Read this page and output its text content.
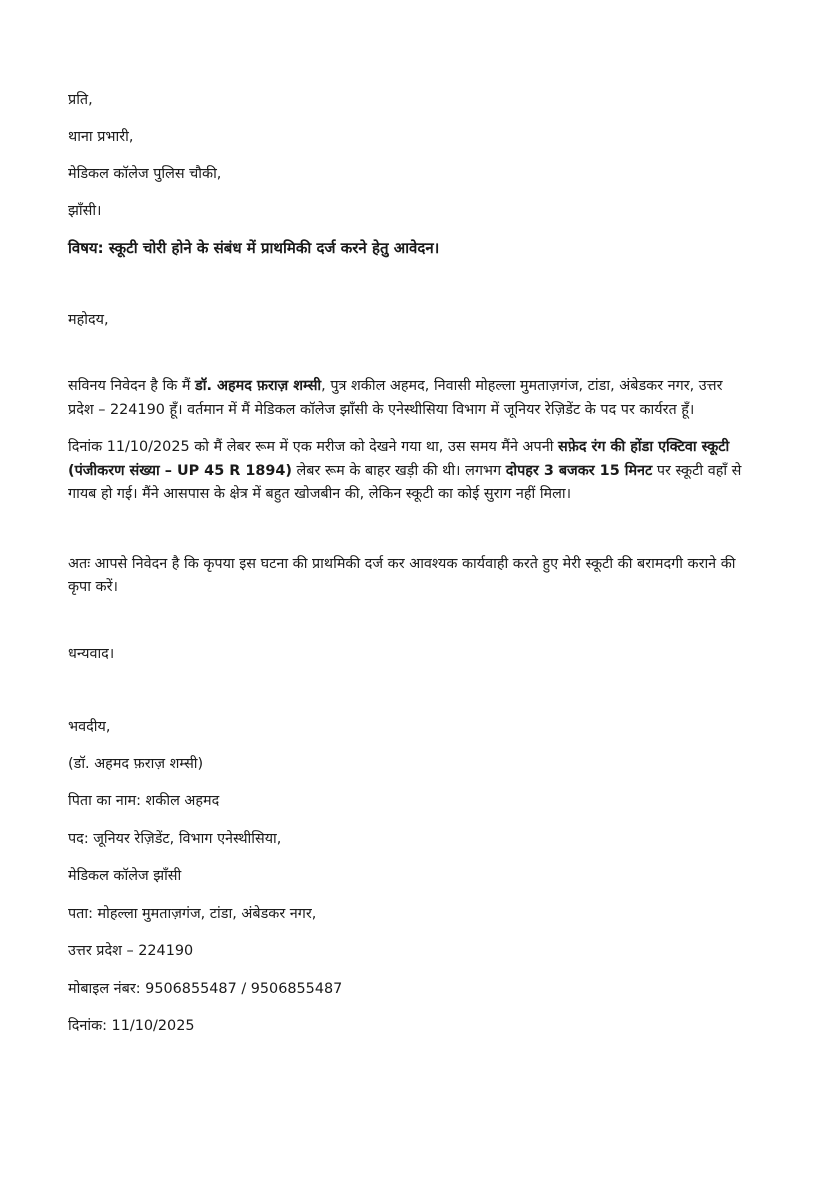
प्रति,

थाना प्रभारी,

मेडिकल कॉलेज पुलिस चौकी,

झाँसी।

विषय: स्कूटी चोरी होने के संबंध में प्राथमिकी दर्ज करने हेतु आवेदन।

महोदय,

सविनय निवेदन है कि मैं डॉ. अहमद फ़राज़ शम्सी, पुत्र शकील अहमद, निवासी मोहल्ला मुमताज़गंज, टांडा, अंबेडकर नगर, उत्तर प्रदेश – 224190 हूँ। वर्तमान में मैं मेडिकल कॉलेज झाँसी के एनेस्थीसिया विभाग में जूनियर रेज़िडेंट के पद पर कार्यरत हूँ।

दिनांक 11/10/2025 को मैं लेबर रूम में एक मरीज को देखने गया था, उस समय मैंने अपनी सफ़ेद रंग की होंडा एक्टिवा स्कूटी (पंजीकरण संख्या – UP 45 R 1894) लेबर रूम के बाहर खड़ी की थी। लगभग दोपहर 3 बजकर 15 मिनट पर स्कूटी वहाँ से गायब हो गई। मैंने आसपास के क्षेत्र में बहुत खोजबीन की, लेकिन स्कूटी का कोई सुराग नहीं मिला।

अतः आपसे निवेदन है कि कृपया इस घटना की प्राथमिकी दर्ज कर आवश्यक कार्यवाही करते हुए मेरी स्कूटी की बरामदगी कराने की कृपा करें।

धन्यवाद।

भवदीय,

(डॉ. अहमद फ़राज़ शम्सी)

पिता का नाम: शकील अहमद

पद: जूनियर रेज़िडेंट, विभाग एनेस्थीसिया,

मेडिकल कॉलेज झाँसी

पता: मोहल्ला मुमताज़गंज, टांडा, अंबेडकर नगर,

उत्तर प्रदेश – 224190

मोबाइल नंबर: 9506855487 / 9506855487

दिनांक: 11/10/2025
